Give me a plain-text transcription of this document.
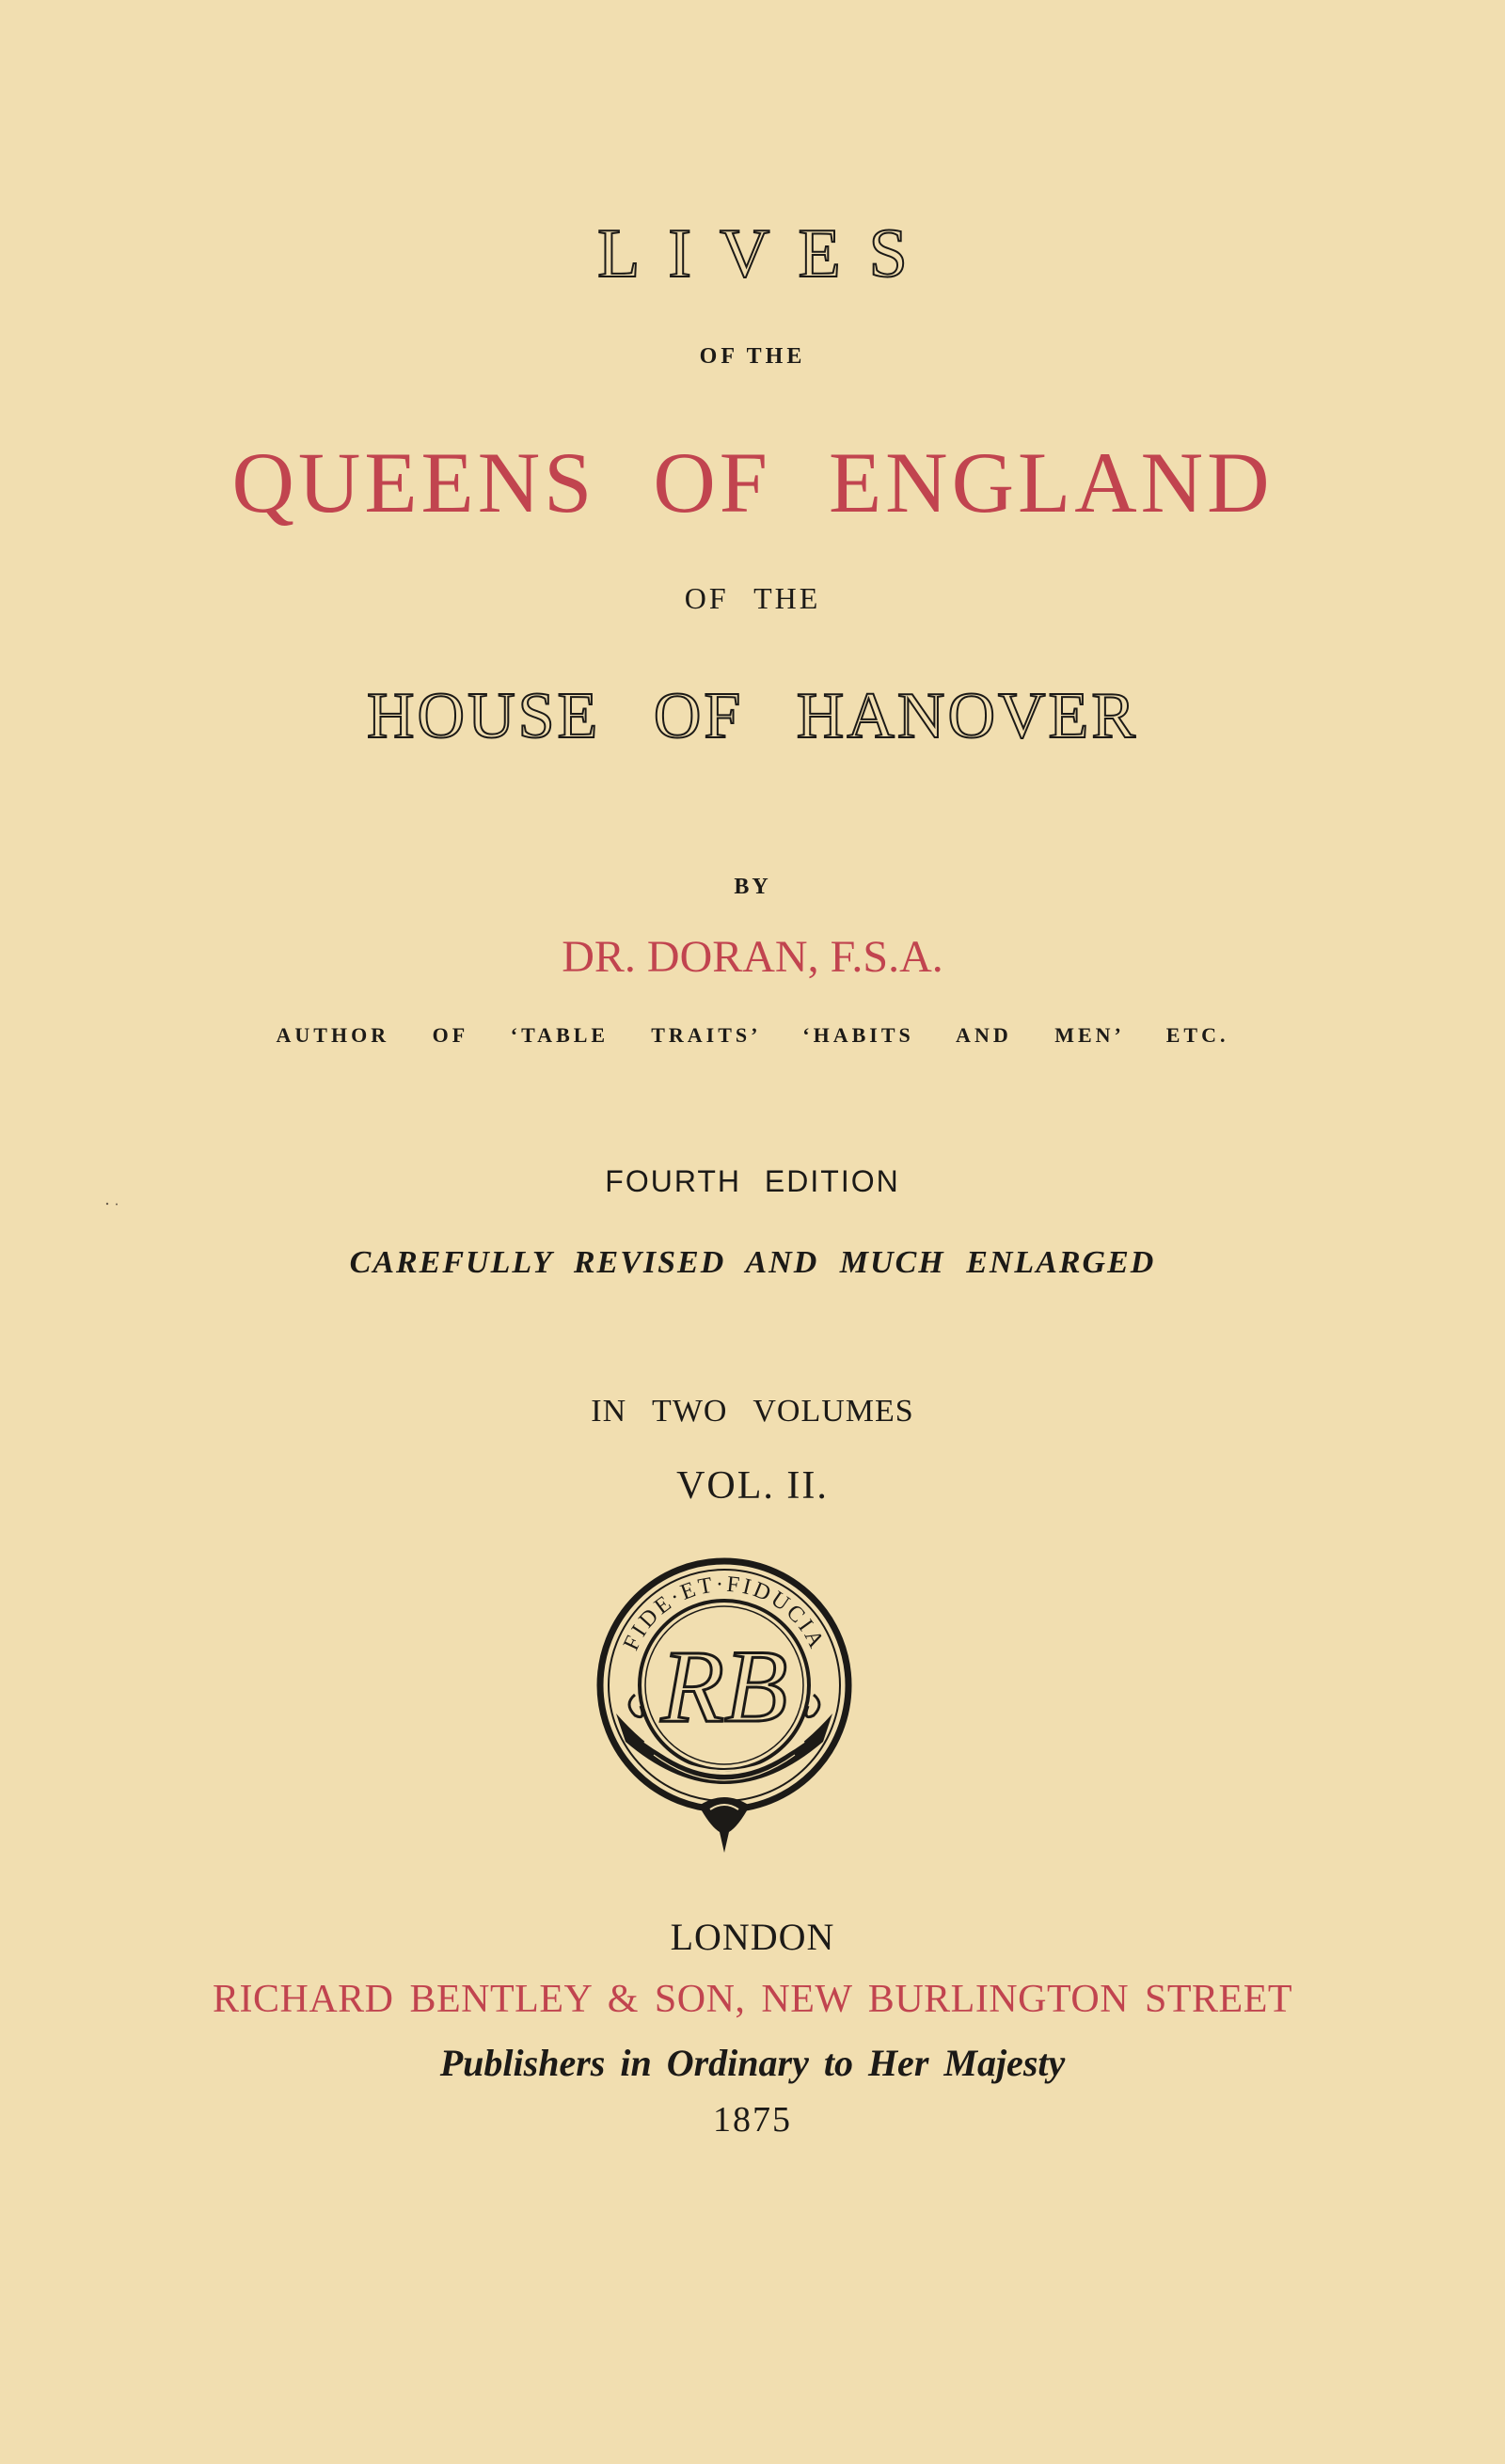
LIVES
OF THE
QUEENS OF ENGLAND
OF THE
HOUSE OF HANOVER
BY
DR. DORAN, F.S.A.
AUTHOR OF ‘TABLE TRAITS’ ‘HABITS AND MEN’ ETC.
FOURTH EDITION
CAREFULLY REVISED AND MUCH ENLARGED
IN TWO VOLUMES
VOL. II.
FIDE·ET·FIDUCIA
RB
LONDON
RICHARD BENTLEY & SON, NEW BURLINGTON STREET
Publishers in Ordinary to Her Majesty
1875
